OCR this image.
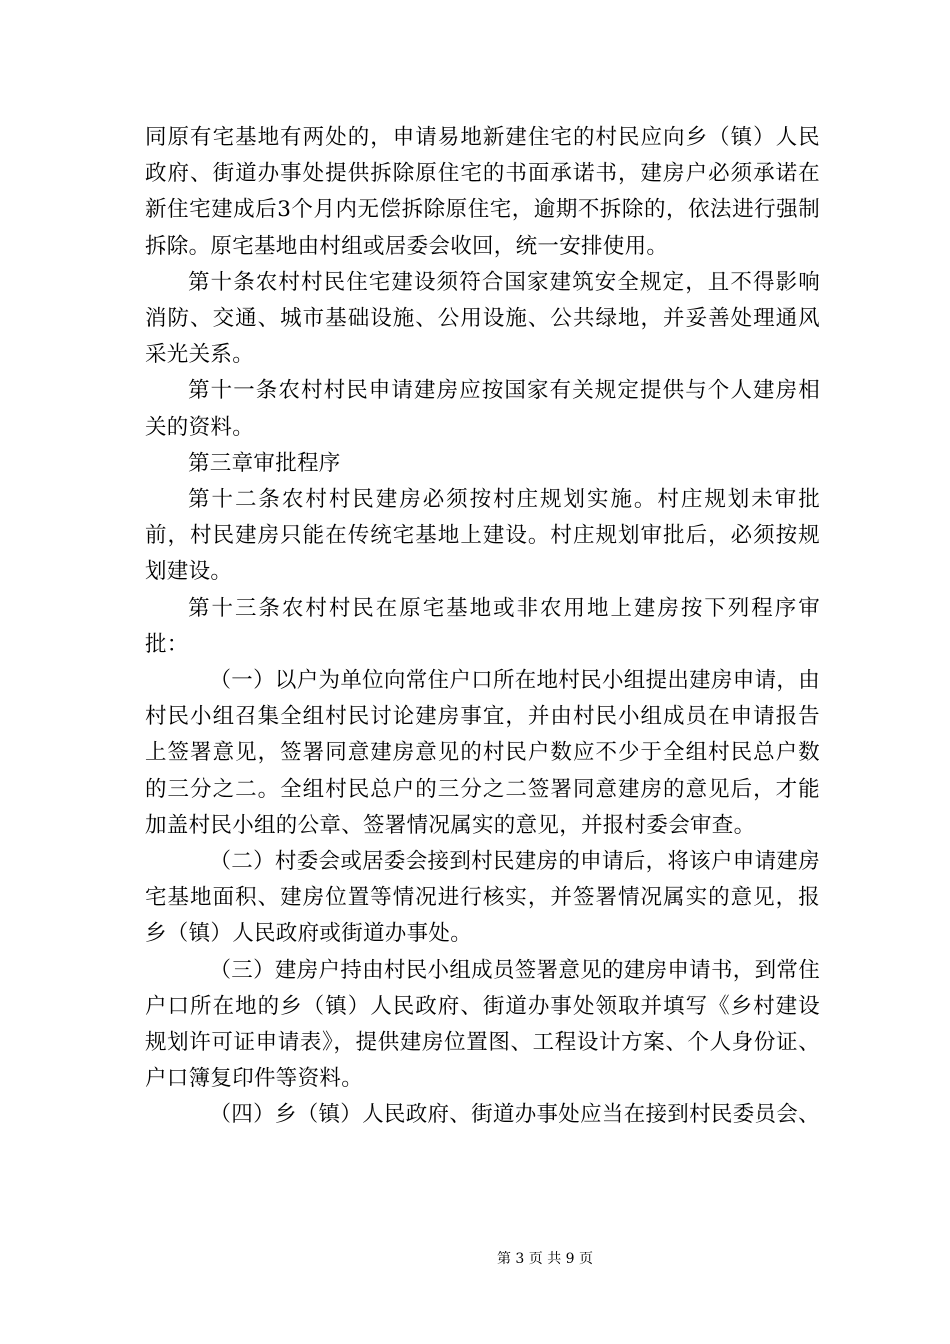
同原有宅基地有两处的，申请易地新建住宅的村民应向乡（镇）人民政府、街道办事处提供拆除原住宅的书面承诺书，建房户必须承诺在新住宅建成后3个月内无偿拆除原住宅，逾期不拆除的，依法进行强制拆除。原宅基地由村组或居委会收回，统一安排使用。

第十条农村村民住宅建设须符合国家建筑安全规定，且不得影响消防、交通、城市基础设施、公用设施、公共绿地，并妥善处理通风采光关系。

第十一条农村村民申请建房应按国家有关规定提供与个人建房相关的资料。

第三章审批程序

第十二条农村村民建房必须按村庄规划实施。村庄规划未审批前，村民建房只能在传统宅基地上建设。村庄规划审批后，必须按规划建设。

第十三条农村村民在原宅基地或非农用地上建房按下列程序审批：

（一）以户为单位向常住户口所在地村民小组提出建房申请，由村民小组召集全组村民讨论建房事宜，并由村民小组成员在申请报告上签署意见，签署同意建房意见的村民户数应不少于全组村民总户数的三分之二。全组村民总户的三分之二签署同意建房的意见后，才能加盖村民小组的公章、签署情况属实的意见，并报村委会审查。

（二）村委会或居委会接到村民建房的申请后，将该户申请建房宅基地面积、建房位置等情况进行核实，并签署情况属实的意见，报乡（镇）人民政府或街道办事处。

（三）建房户持由村民小组成员签署意见的建房申请书，到常住户口所在地的乡（镇）人民政府、街道办事处领取并填写《乡村建设规划许可证申请表》，提供建房位置图、工程设计方案、个人身份证、户口簿复印件等资料。

（四）乡（镇）人民政府、街道办事处应当在接到村民委员会、

第 3 页 共 9 页
